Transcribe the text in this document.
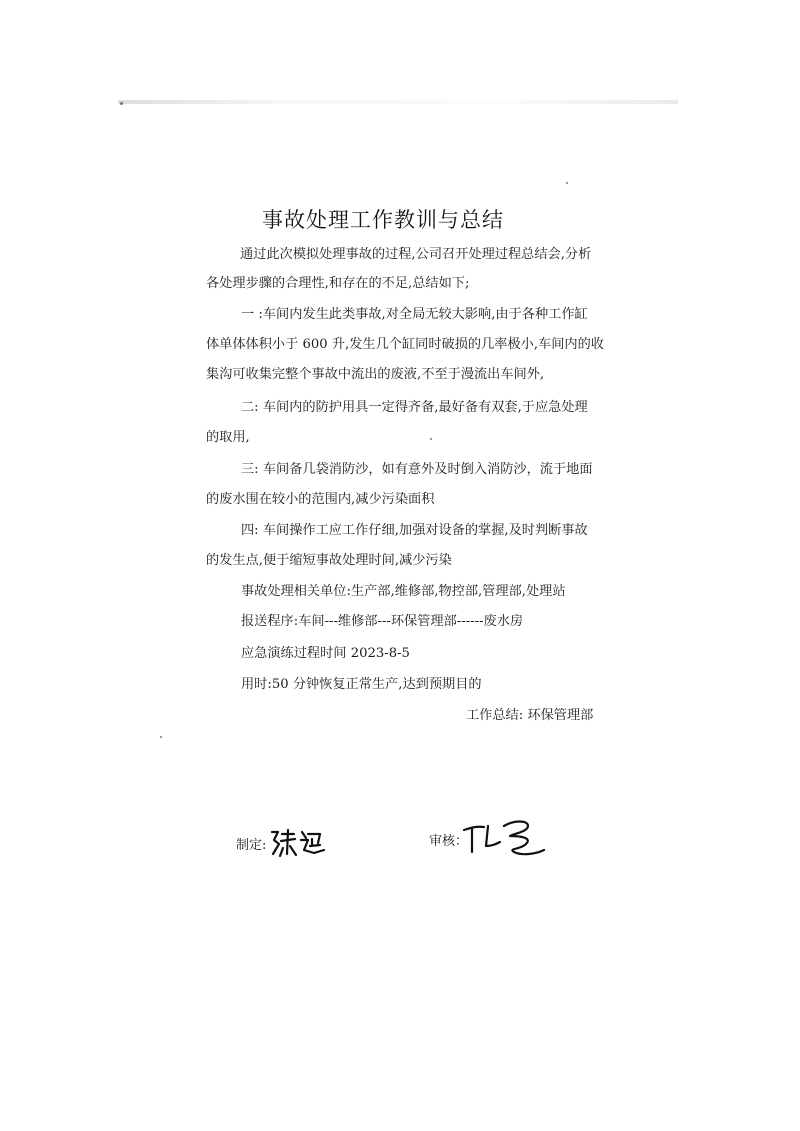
事故处理工作教训与总结
通过此次模拟处理事故的过程,公司召开处理过程总结会,分析
各处理步骤的合理性,和存在的不足,总结如下;
一 :车间内发生此类事故,对全局无较大影响,由于各种工作缸
体单体体积小于 600 升,发生几个缸同时破损的几率极小,车间内的收
集沟可收集完整个事故中流出的废液,不至于漫流出车间外,
二: 车间内的防护用具一定得齐备,最好备有双套,于应急处理
的取用,
三: 车间备几袋消防沙，如有意外及时倒入消防沙，流于地面
的废水围在较小的范围内,减少污染面积
四: 车间操作工应工作仔细,加强对设备的掌握,及时判断事故
的发生点,便于缩短事故处理时间,减少污染
事故处理相关单位:生产部,维修部,物控部,管理部,处理站
报送程序:车间---维修部---环保管理部------废水房
应急演练过程时间 2023-8-5
用时:50 分钟恢复正常生产,达到预期目的
工作总结: 环保管理部
制定:	审核：
